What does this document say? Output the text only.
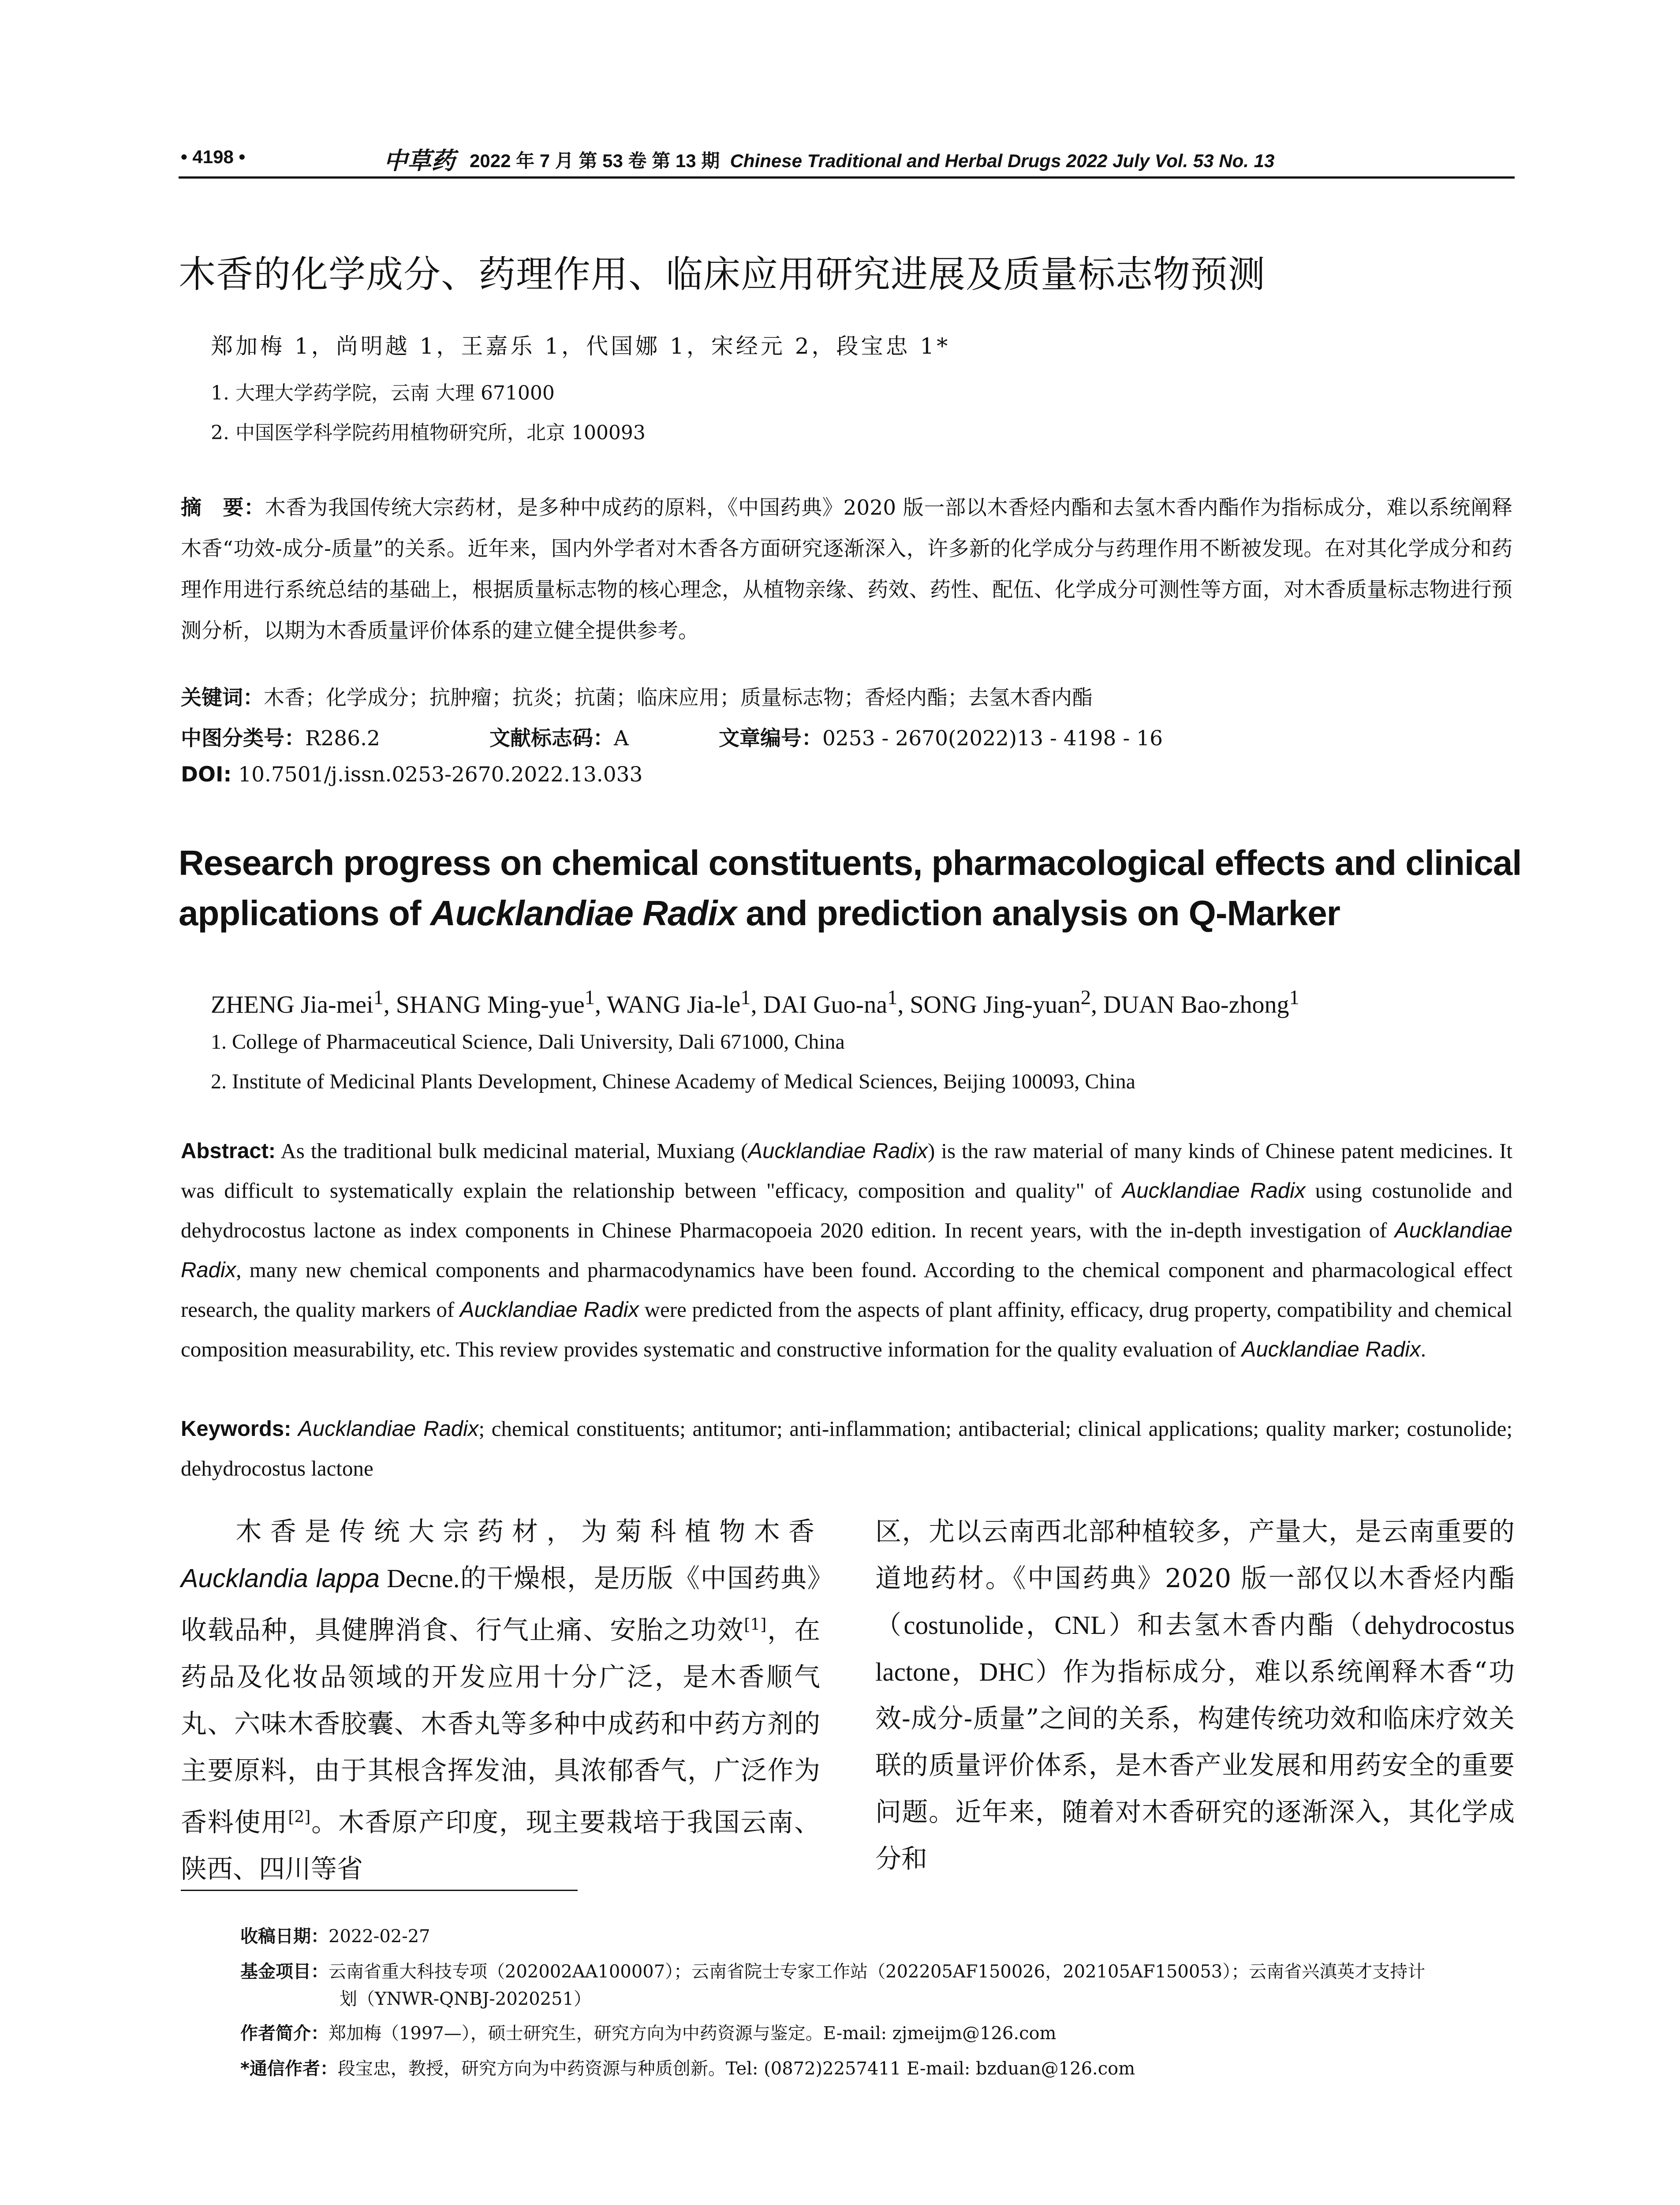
• 4198 •	中草药 2022 年 7 月 第 53 卷 第 13 期 Chinese Traditional and Herbal Drugs 2022 July Vol. 53 No. 13
木香的化学成分、药理作用、临床应用研究进展及质量标志物预测
郑加梅 1，尚明越 1，王嘉乐 1，代国娜 1，宋经元 2，段宝忠 1*
1. 大理大学药学院，云南 大理 671000
2. 中国医学科学院药用植物研究所，北京 100093
摘　要：木香为我国传统大宗药材，是多种中成药的原料，《中国药典》2020 版一部以木香烃内酯和去氢木香内酯作为指标成分，难以系统阐释木香“功效-成分-质量”的关系。近年来，国内外学者对木香各方面研究逐渐深入，许多新的化学成分与药理作用不断被发现。在对其化学成分和药理作用进行系统总结的基础上，根据质量标志物的核心理念，从植物亲缘、药效、药性、配伍、化学成分可测性等方面，对木香质量标志物进行预测分析，以期为木香质量评价体系的建立健全提供参考。
关键词：木香；化学成分；抗肿瘤；抗炎；抗菌；临床应用；质量标志物；香烃内酯；去氢木香内酯
中图分类号：R286.2	文献标志码：A	文章编号：0253 - 2670(2022)13 - 4198 - 16
DOI: 10.7501/j.issn.0253-2670.2022.13.033
Research progress on chemical constituents, pharmacological effects and clinical applications of Aucklandiae Radix and prediction analysis on Q-Marker
ZHENG Jia-mei$^1$, SHANG Ming-yue$^1$, WANG Jia-$le^1$, DAI Guo-$na^1$, SONG Jing-yuan$^2$, DUAN Bao-zhong$^1$
1. College of Pharmaceutical Science, Dali University, Dali 671000, China
2. Institute of Medicinal Plants Development, Chinese Academy of Medical Sciences, Beijing 100093, China
Abstract: As the traditional bulk medicinal material, Muxiang (Aucklandiae Radix) is the raw material of many kinds of Chinese patent medicines. It was difficult to systematically explain the relationship between "efficacy, composition and quality" of Aucklandiae Radix using costunolide and dehydrocostus lactone as index components in Chinese Pharmacopoeia 2020 edition. In recent years, with the in-depth investigation of Aucklandiae Radix, many new chemical components and pharmacodynamics have been found. According to the chemical component and pharmacological effect research, the quality markers of Aucklandiae Radix were predicted from the aspects of plant affinity, efficacy, drug property, compatibility and chemical composition measurability, etc. This review provides systematic and constructive information for the quality evaluation of Aucklandiae Radix.
Keywords: Aucklandiae Radix; chemical constituents; antitumor; anti-inflammation; antibacterial; clinical applications; quality marker; costunolide; dehydrocostus lactone
木香是传统大宗药材，为菊科植物木香Aucklandia lappa Decne.的干燥根，是历版《中国药典》收载品种，具健脾消食、行气止痛、安胎之功效[1]，在药品及化妆品领域的开发应用十分广泛，是木香顺气丸、六味木香胶囊、木香丸等多种中成药和中药方剂的主要原料，由于其根含挥发油，具浓郁香气，广泛作为香料使用[2]。木香原产印度，现主要栽培于我国云南、陕西、四川等省
区，尤以云南西北部种植较多，产量大，是云南重要的道地药材。《中国药典》2020 版一部仅以木香烃内酯（costunolide，CNL）和去氢木香内酯（dehydrocostus lactone，DHC）作为指标成分，难以系统阐释木香“功效-成分-质量”之间的关系，构建传统功效和临床疗效关联的质量评价体系，是木香产业发展和用药安全的重要问题。近年来，随着对木香研究的逐渐深入，其化学成分和
收稿日期：2022-02-27
基金项目：云南省重大科技专项（202002AA100007）；云南省院士专家工作站（202205AF150026，202105AF150053）；云南省兴滇英才支持计
划（YNWR-QNBJ-2020251）
作者简介：郑加梅（1997—），硕士研究生，研究方向为中药资源与鉴定。E-mail: zjmeijm@126.com
*通信作者：段宝忠，教授，研究方向为中药资源与种质创新。Tel: (0872)2257411 E-mail: bzduan@126.com
